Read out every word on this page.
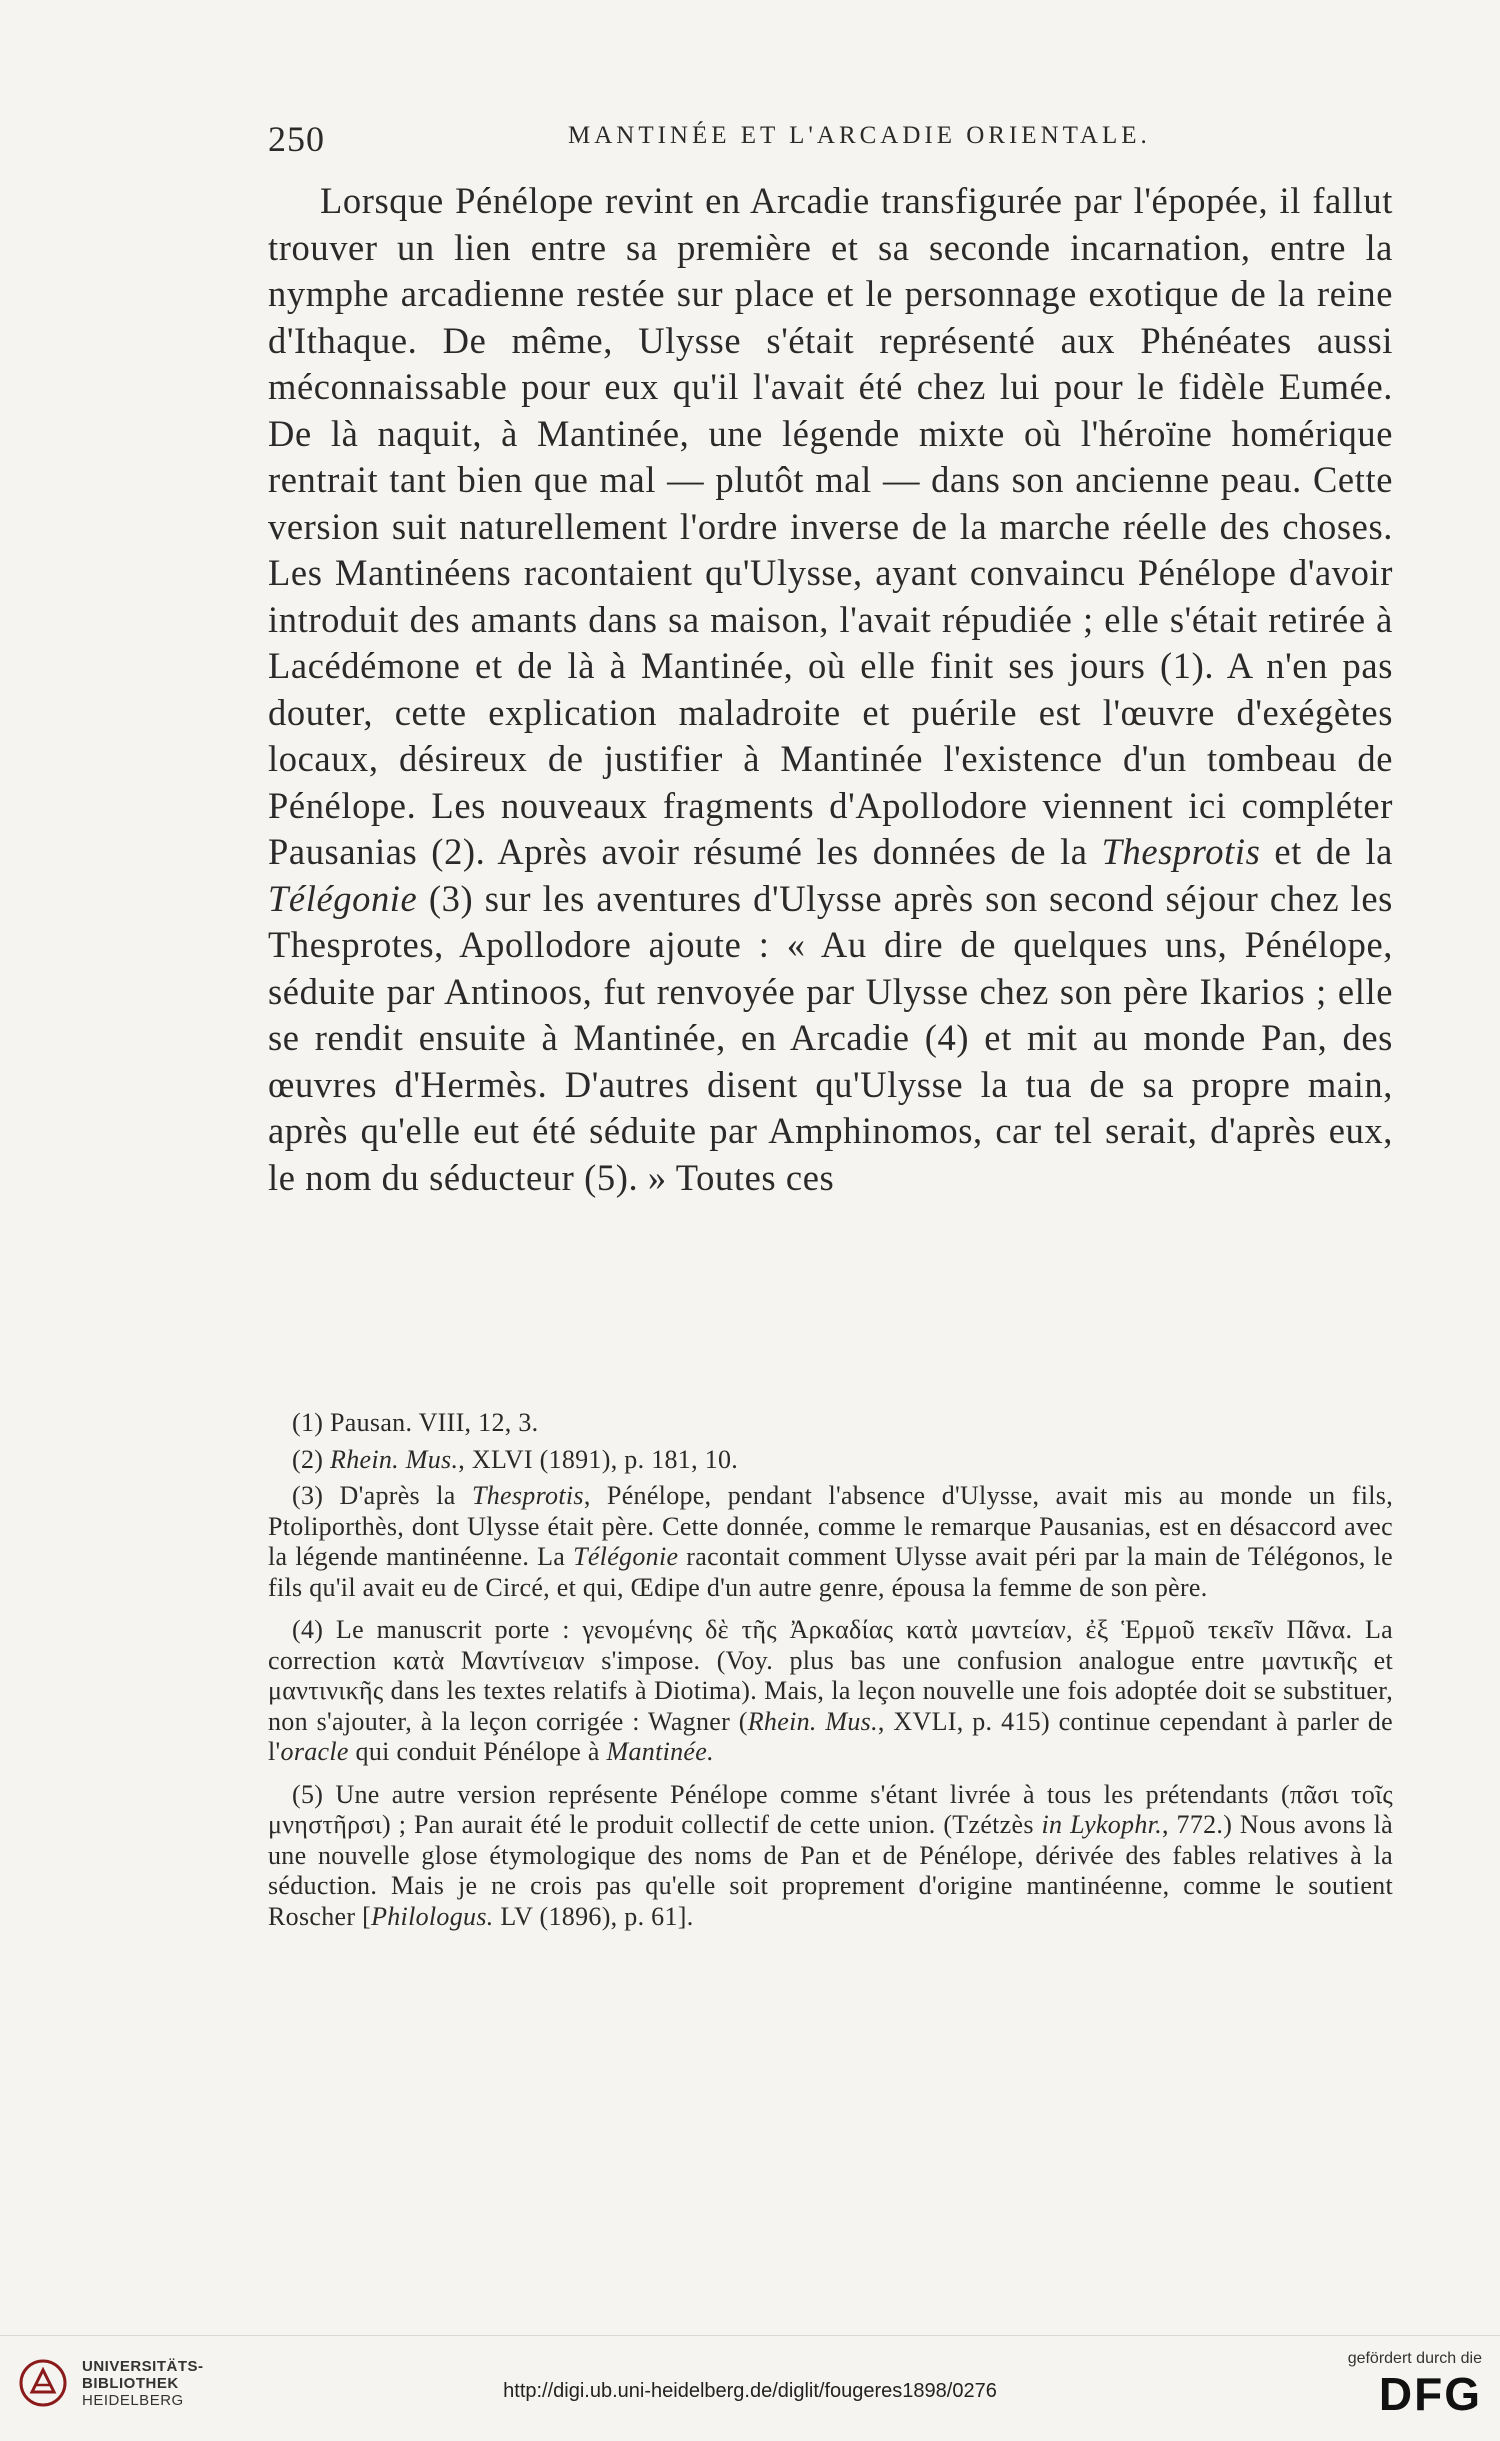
250	MANTINÉE ET L'ARCADIE ORIENTALE.

Lorsque Pénélope revint en Arcadie transfigurée par l'épopée, il fallut trouver un lien entre sa première et sa seconde incarnation, entre la nymphe arcadienne restée sur place et le personnage exotique de la reine d'Ithaque. De même, Ulysse s'était représenté aux Phénéates aussi méconnaissable pour eux qu'il l'avait été chez lui pour le fidèle Eumée. De là naquit, à Mantinée, une légende mixte où l'héroïne homérique rentrait tant bien que mal — plutôt mal — dans son ancienne peau. Cette version suit naturellement l'ordre inverse de la marche réelle des choses. Les Mantinéens racontaient qu'Ulysse, ayant convaincu Pénélope d'avoir introduit des amants dans sa maison, l'avait répudiée ; elle s'était retirée à Lacédémone et de là à Mantinée, où elle finit ses jours (1). A n'en pas douter, cette explication maladroite et puérile est l'œuvre d'exégètes locaux, désireux de justifier à Mantinée l'existence d'un tombeau de Pénélope. Les nouveaux fragments d'Apollodore viennent ici compléter Pausanias (2). Après avoir résumé les données de la Thesprotis et de la Télégonie (3) sur les aventures d'Ulysse après son second séjour chez les Thesprotes, Apollodore ajoute : « Au dire de quelques uns, Pénélope, séduite par Antinoos, fut renvoyée par Ulysse chez son père Ikarios ; elle se rendit ensuite à Mantinée, en Arcadie (4) et mit au monde Pan, des œuvres d'Hermès. D'autres disent qu'Ulysse la tua de sa propre main, après qu'elle eut été séduite par Amphinomos, car tel serait, d'après eux, le nom du séducteur (5). » Toutes ces

(1) Pausan. VIII, 12, 3.

(2) Rhein. Mus., XLVI (1891), p. 181, 10.

(3) D'après la Thesprotis, Pénélope, pendant l'absence d'Ulysse, avait mis au monde un fils, Ptoliporthès, dont Ulysse était père. Cette donnée, comme le remarque Pausanias, est en désaccord avec la légende mantinéenne. La Télégonie racontait comment Ulysse avait péri par la main de Télégonos, le fils qu'il avait eu de Circé, et qui, Œdipe d'un autre genre, épousa la femme de son père.

(4) Le manuscrit porte : γενομένης δὲ τῆς Ἀρκαδίας κατὰ μαντείαν, ἐξ Ἑρμοῦ τεκεῖν Πᾶνα. La correction κατὰ Μαντίνειαν s'impose. (Voy. plus bas une confusion analogue entre μαντικῆς et μαντινικῆς dans les textes relatifs à Diotima). Mais, la leçon nouvelle une fois adoptée doit se substituer, non s'ajouter, à la leçon corrigée : Wagner (Rhein. Mus., XVLI, p. 415) continue cependant à parler de l'oracle qui conduit Pénélope à Mantinée.

(5) Une autre version représente Pénélope comme s'étant livrée à tous les prétendants (πᾶσι τοῖς μνηστῆρσι) ; Pan aurait été le produit collectif de cette union. (Tzétzès in Lykophr., 772.) Nous avons là une nouvelle glose étymologique des noms de Pan et de Pénélope, dérivée des fables relatives à la séduction. Mais je ne crois pas qu'elle soit proprement d'origine mantinéenne, comme le soutient Roscher [Philologus. LV (1896), p. 61].

UNIVERSITÄTS-
BIBLIOTHEK
HEIDELBERG	http://digi.ub.uni-heidelberg.de/diglit/fougeres1898/0276
gefördert durch die
DFG
